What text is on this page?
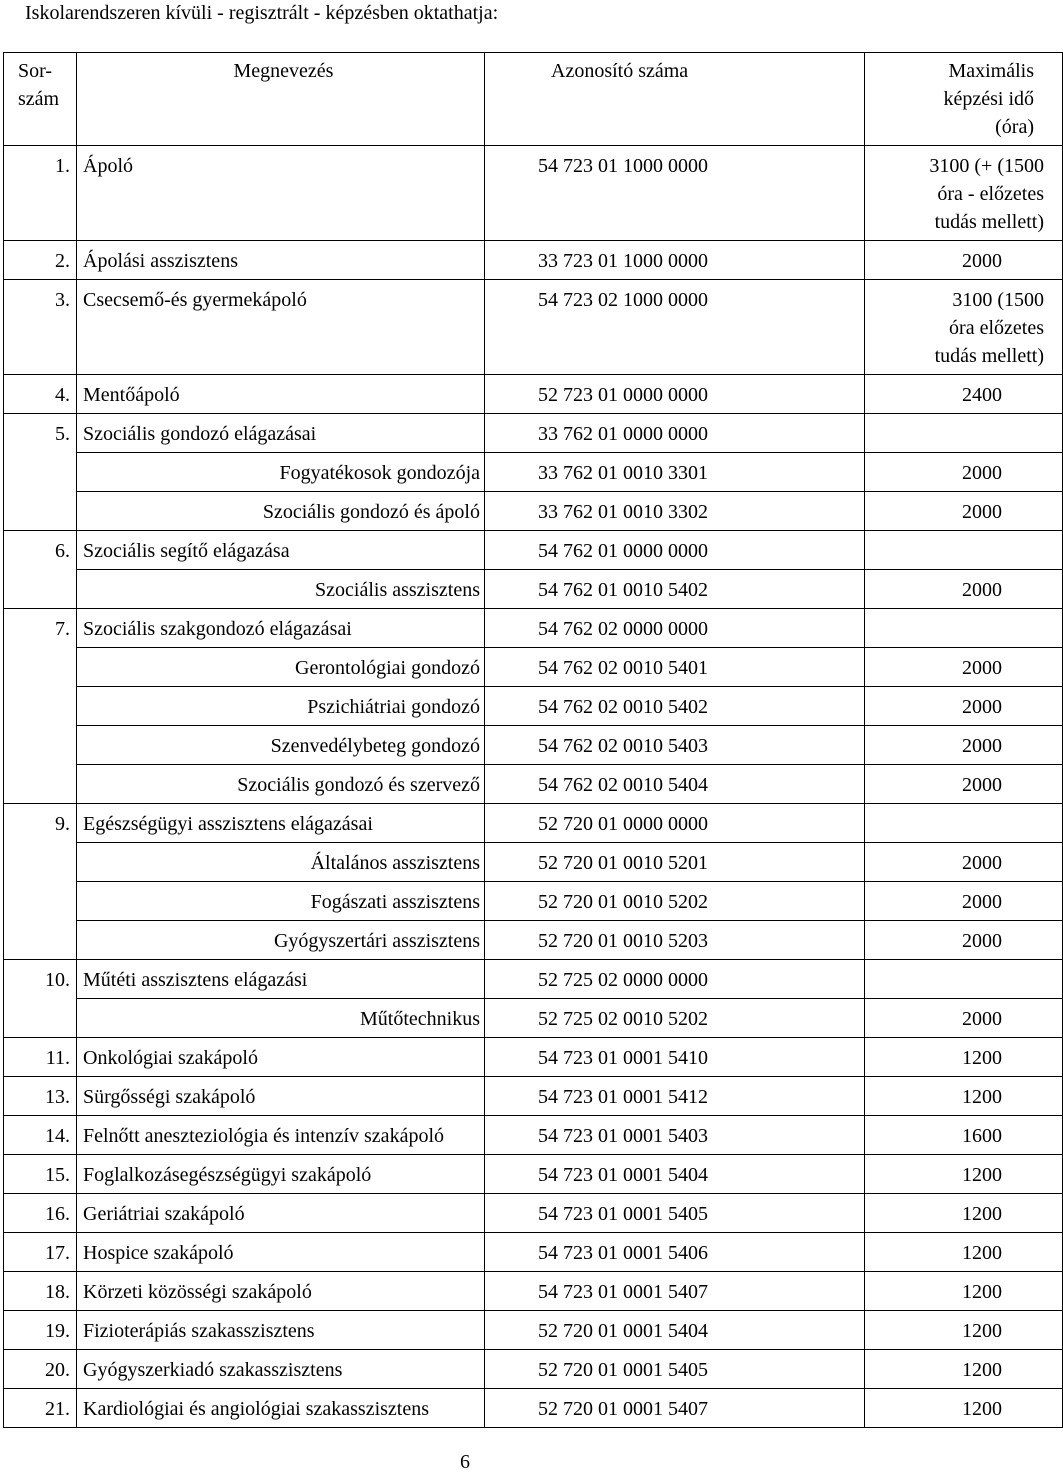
Iskolarendszeren kívüli - regisztrált - képzésben oktathatja:
Sor-szám	Megnevezés	Azonosító száma	Maximális képzési idő (óra)

1.	Ápoló	54 723 01 1000 0000	3100 (+ (1500 óra - előzetes tudás mellett)
2.	Ápolási asszisztens	33 723 01 1000 0000	2000

3.	Csecsemő-és gyermekápoló	54 723 02 1000 0000	3100 (1500 óra előzetes tudás mellett)
4.	Mentőápoló	52 723 01 0000 0000	2400

5.	Szociális gondozó elágazásai	33 762 01 0000 0000	

	Fogyatékosok gondozója	33 762 01 0010 3301	2000

	Szociális gondozó és ápoló	33 762 01 0010 3302	2000

6.	Szociális segítő elágazása	54 762 01 0000 0000	

	Szociális asszisztens	54 762 01 0010 5402	2000

7.	Szociális szakgondozó elágazásai	54 762 02 0000 0000	

	Gerontológiai gondozó	54 762 02 0010 5401	2000

	Pszichiátriai gondozó	54 762 02 0010 5402	2000

	Szenvedélybeteg gondozó	54 762 02 0010 5403	2000

	Szociális gondozó és szervező	54 762 02 0010 5404	2000

9.	Egészségügyi asszisztens elágazásai	52 720 01 0000 0000	

	Általános asszisztens	52 720 01 0010 5201	2000

	Fogászati asszisztens	52 720 01 0010 5202	2000

	Gyógyszertári asszisztens	52 720 01 0010 5203	2000

10.	Műtéti asszisztens elágazási	52 725 02 0000 0000	

	Műtőtechnikus	52 725 02 0010 5202	2000

11.	Onkológiai szakápoló	54 723 01 0001 5410	1200

13.	Sürgősségi szakápoló	54 723 01 0001 5412	1200

14.	Felnőtt aneszteziológia és intenzív szakápoló	54 723 01 0001 5403	1600

15.	Foglalkozásegészségügyi szakápoló	54 723 01 0001 5404	1200

16.	Geriátriai szakápoló	54 723 01 0001 5405	1200

17.	Hospice szakápoló	54 723 01 0001 5406	1200

18.	Körzeti közösségi szakápoló	54 723 01 0001 5407	1200

19.	Fizioterápiás szakasszisztens	52 720 01 0001 5404	1200

20.	Gyógyszerkiadó szakasszisztens	52 720 01 0001 5405	1200

21.	Kardiológiai és angiológiai szakasszisztens	52 720 01 0001 5407	1200
6
